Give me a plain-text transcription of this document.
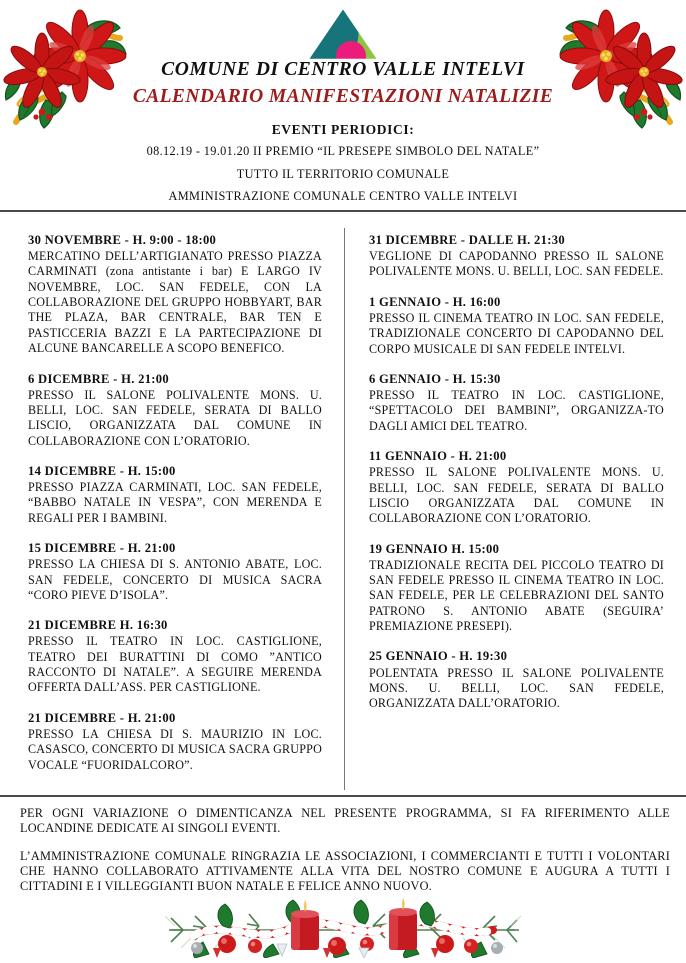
COMUNE DI CENTRO VALLE INTELVI
CALENDARIO MANIFESTAZIONI NATALIZIE
EVENTI PERIODICI:
08.12.19 - 19.01.20 II PREMIO “IL PRESEPE SIMBOLO DEL NATALE”
TUTTO IL TERRITORIO COMUNALE
AMMINISTRAZIONE COMUNALE CENTRO VALLE INTELVI
30 NOVEMBRE - H. 9:00 - 18:00
MERCATINO DELL’ARTIGIANATO PRESSO PIAZZA CARMINATI (zona antistante i bar) E LARGO IV NOVEMBRE, LOC. SAN FEDELE, CON LA COLLABORAZIONE DEL GRUPPO HOBBYART, BAR THE PLAZA, BAR CENTRALE, BAR TEN E PASTICCERIA BAZZI E LA PARTECIPAZIONE DI ALCUNE BANCARELLE A SCOPO BENEFICO.
6 DICEMBRE - H. 21:00
PRESSO IL SALONE POLIVALENTE MONS. U. BELLI, LOC. SAN FEDELE, SERATA DI BALLO LISCIO, ORGANIZZATA DAL COMUNE IN COLLABORAZIONE CON L’ORATORIO.
14 DICEMBRE - H. 15:00
PRESSO PIAZZA CARMINATI, LOC. SAN FEDELE, “BABBO NATALE IN VESPA”, CON MERENDA E REGALI PER I BAMBINI.
15 DICEMBRE - H. 21:00
PRESSO LA CHIESA DI S. ANTONIO ABATE, LOC. SAN FEDELE, CONCERTO DI MUSICA SACRA “CORO PIEVE D’ISOLA”.
21 DICEMBRE H. 16:30
PRESSO IL TEATRO IN LOC. CASTIGLIONE, TEATRO DEI BURATTINI DI COMO ”ANTICO RACCONTO DI NATALE”. A SEGUIRE MERENDA OFFERTA DALL’ASS. PER CASTIGLIONE.
21 DICEMBRE - H. 21:00
PRESSO LA CHIESA DI S. MAURIZIO IN LOC. CASASCO, CONCERTO DI MUSICA SACRA GRUPPO VOCALE “FUORIDALCORO”.
31 DICEMBRE - DALLE H. 21:30
VEGLIONE DI CAPODANNO PRESSO IL SALONE POLIVALENTE MONS. U. BELLI, LOC. SAN FEDELE.
1 GENNAIO - H. 16:00
PRESSO IL CINEMA TEATRO IN LOC. SAN FEDELE, TRADIZIONALE CONCERTO DI CAPODANNO DEL CORPO MUSICALE DI SAN FEDELE INTELVI.
6 GENNAIO - H. 15:30
PRESSO IL TEATRO IN LOC. CASTIGLIONE, “SPETTACOLO DEI BAMBINI”, ORGANIZZA-TO DAGLI AMICI DEL TEATRO.
11 GENNAIO - H. 21:00
PRESSO IL SALONE POLIVALENTE MONS. U. BELLI, LOC. SAN FEDELE, SERATA DI BALLO LISCIO ORGANIZZATA DAL COMUNE IN COLLABORAZIONE CON L’ORATORIO.
19 GENNAIO H. 15:00
TRADIZIONALE RECITA DEL PICCOLO TEATRO DI SAN FEDELE PRESSO IL CINEMA TEATRO IN LOC. SAN FEDELE, PER LE CELEBRAZIONI DEL SANTO PATRONO S. ANTONIO ABATE (SEGUIRA’ PREMIAZIONE PRESEPI).
25 GENNAIO - H. 19:30
POLENTATA PRESSO IL SALONE POLIVALENTE MONS. U. BELLI, LOC. SAN FEDELE, ORGANIZZATA DALL’ORATORIO.

PER OGNI VARIAZIONE O DIMENTICANZA NEL PRESENTE PROGRAMMA, SI FA RIFERIMENTO ALLE LOCANDINE DEDICATE AI SINGOLI EVENTI.

L’AMMINISTRAZIONE COMUNALE RINGRAZIA LE ASSOCIAZIONI, I COMMERCIANTI E TUTTI I VOLONTARI CHE HANNO COLLABORATO ATTIVAMENTE ALLA VITA DEL NOSTRO COMUNE E AUGURA A TUTTI I CITTADINI E I VILLEGGIANTI BUON NATALE E FELICE ANNO NUOVO.
